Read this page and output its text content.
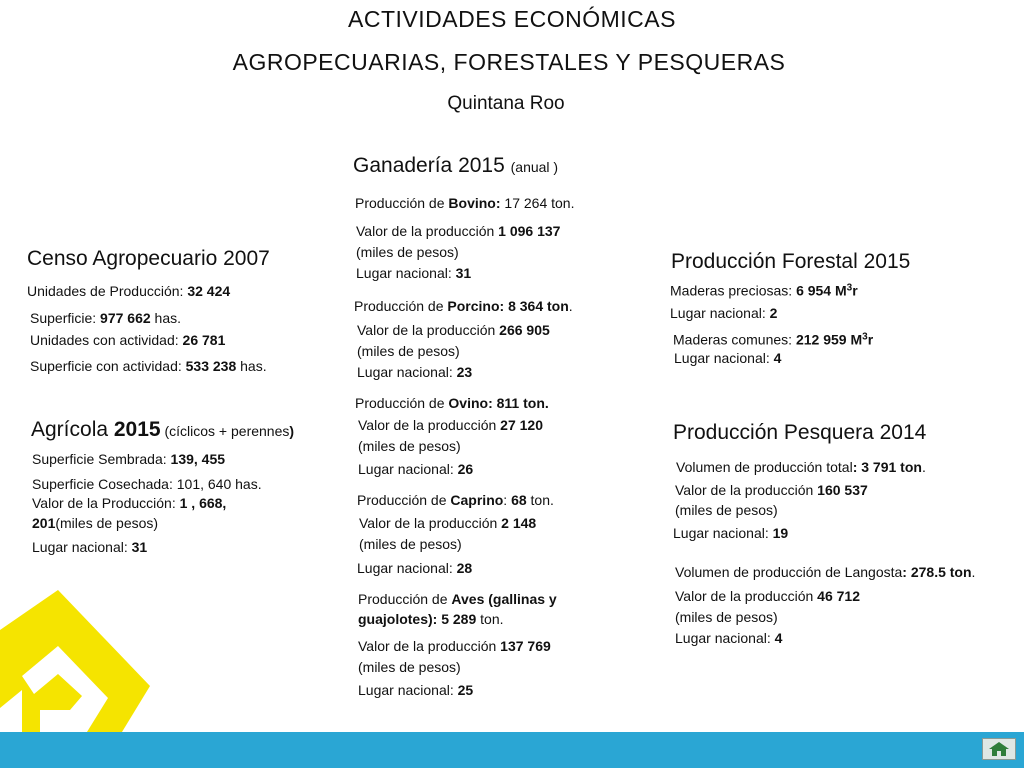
ACTIVIDADES ECONÓMICAS
AGROPECUARIAS, FORESTALES Y PESQUERAS
Quintana Roo
Censo Agropecuario 2007
Unidades de Producción: 32 424
Superficie: 977 662 has.
Unidades con actividad: 26 781
Superficie con actividad: 533 238 has.
Agrícola 2015 (cíclicos + perennes)
Superficie Sembrada: 139, 455
Superficie Cosechada: 101, 640 has.
Valor de la Producción: 1 , 668,
201(miles de pesos)
Lugar nacional: 31
Ganadería 2015 (anual )
Producción de Bovino: 17 264 ton.
Valor de la producción 1 096 137
(miles de pesos)
Lugar nacional: 31
Producción de Porcino: 8 364 ton.
Valor de la producción 266 905
(miles de pesos)
Lugar nacional: 23
Producción de Ovino: 811 ton.
Valor de la producción 27 120
(miles de pesos)
Lugar nacional: 26
Producción de Caprino: 68 ton.
Valor de la producción 2 148
(miles de pesos)
Lugar nacional: 28
Producción de Aves (gallinas y
guajolotes): 5 289 ton.
Valor de la producción 137 769
(miles de pesos)
Lugar nacional: 25
Producción Forestal 2015
Maderas preciosas: 6 954 $M^3r$
Lugar nacional: 2
Maderas comunes: 212 959 $M^3r$
Lugar nacional: 4
Producción Pesquera 2014
Volumen de producción total: 3 791 ton.
Valor de la producción 160 537
(miles de pesos)
Lugar nacional: 19
Volumen de producción de Langosta: 278.5 ton.
Valor de la producción 46 712
(miles de pesos)
Lugar nacional: 4
